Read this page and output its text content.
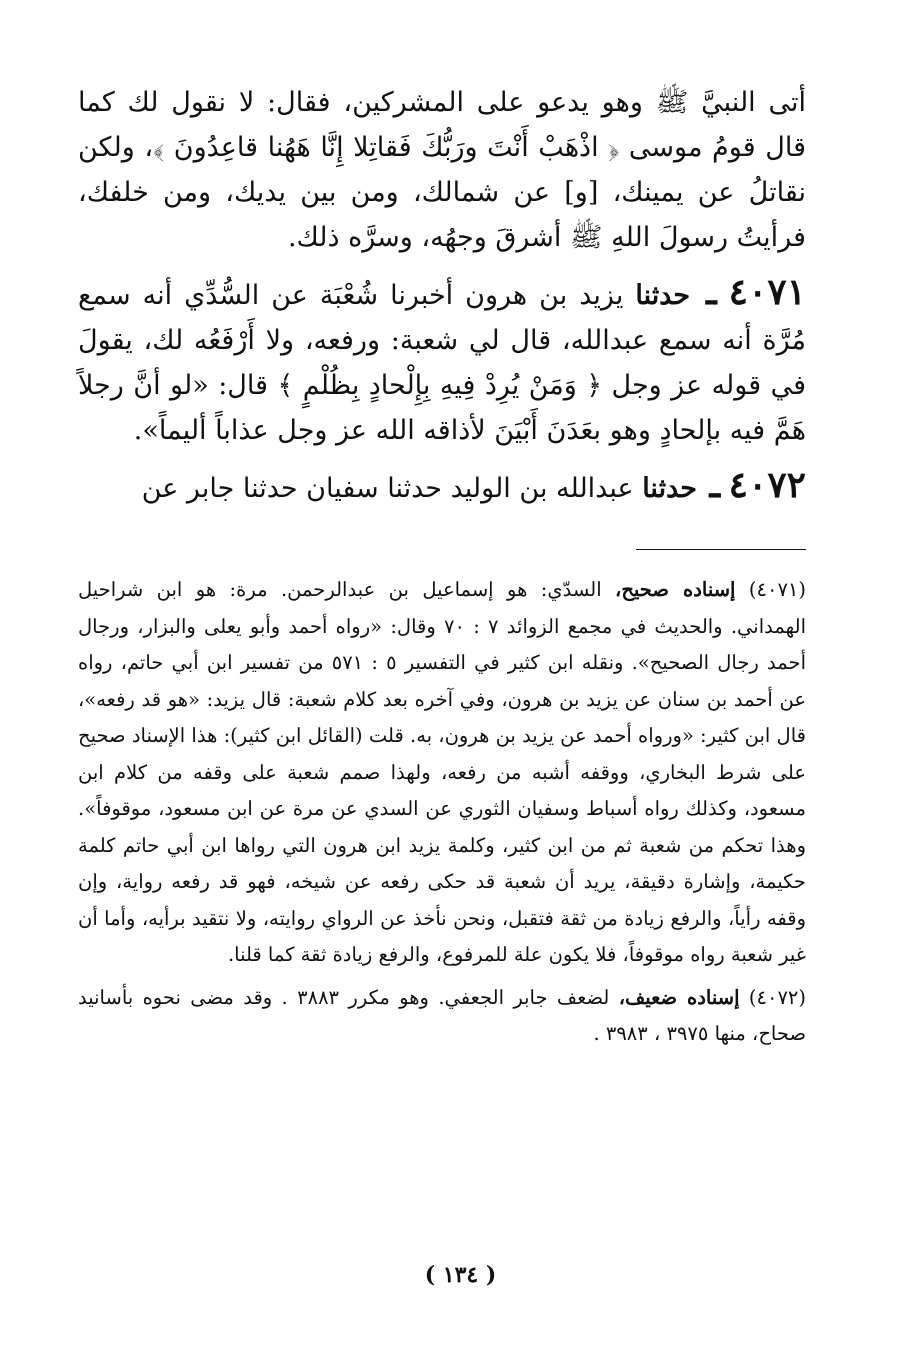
أتى النبيَّ ﷺ وهو يدعو على المشركين، فقال: لا نقول لك كما قال قومُ موسى ﴿ اذْهَبْ أَنْتَ ورَبُّكَ فَقاتِلا إِنَّا هَهُنا قاعِدُونَ ﴾، ولكن نقاتلُ عن يمينك، [و] عن شمالك، ومن بين يديك، ومن خلفك، فرأيتُ رسولَ اللهِ ﷺ أشرقَ وجهُه، وسرَّه ذلك.

٤٠٧١ ـ حدثنا يزيد بن هرون أخبرنا شُعْبَة عن السُّدِّي أنه سمع مُرَّة أنه سمع عبدالله، قال لي شعبة: ورفعه، ولا أَرْفَعُه لك، يقولَ في قوله عز وجل ﴿ وَمَنْ يُرِدْ فِيهِ بِإِلْحادٍ بِظُلْمٍ ﴾ قال: «لو أنَّ رجلاً هَمَّ فيه بإلحادٍ وهو بعَدَنَ أَبْيَنَ لأذاقه الله عز وجل عذاباً أليماً».

٤٠٧٢ ـ حدثنا عبدالله بن الوليد حدثنا سفيان حدثنا جابر عن

(٤٠٧١) إسناده صحيح، السدّي: هو إسماعيل بن عبدالرحمن. مرة: هو ابن شراحيل الهمداني. والحديث في مجمع الزوائد ٧ : ٧٠ وقال: «رواه أحمد وأبو يعلى والبزار، ورجال أحمد رجال الصحيح». ونقله ابن كثير في التفسير ٥ : ٥٧١ من تفسير ابن أبي حاتم، رواه عن أحمد بن سنان عن يزيد بن هرون، وفي آخره بعد كلام شعبة: قال يزيد: «هو قد رفعه»، قال ابن كثير: «ورواه أحمد عن يزيد بن هرون، به. قلت (القائل ابن كثير): هذا الإسناد صحيح على شرط البخاري، ووقفه أشبه من رفعه، ولهذا صمم شعبة على وقفه من كلام ابن مسعود، وكذلك رواه أسباط وسفيان الثوري عن السدي عن مرة عن ابن مسعود، موقوفاً». وهذا تحكم من شعبة ثم من ابن كثير، وكلمة يزيد ابن هرون التي رواها ابن أبي حاتم كلمة حكيمة، وإشارة دقيقة، يريد أن شعبة قد حكى رفعه عن شيخه، فهو قد رفعه رواية، وإن وقفه رأياً، والرفع زيادة من ثقة فتقبل، ونحن نأخذ عن الرواي روايته، ولا نتقيد برأيه، وأما أن غير شعبة رواه موقوفاً، فلا يكون علة للمرفوع، والرفع زيادة ثقة كما قلنا.

(٤٠٧٢) إسناده ضعيف، لضعف جابر الجعفي. وهو مكرر ٣٨٨٣ . وقد مضى نحوه بأسانيد صحاح، منها ٣٩٧٥ ، ٣٩٨٣ .

( ١٣٤ )
